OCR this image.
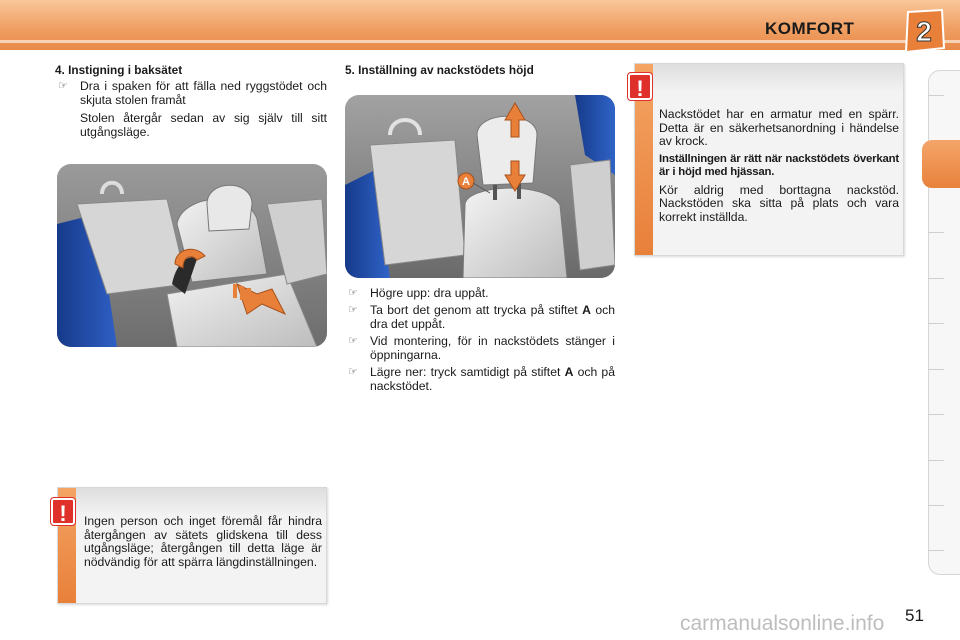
KOMFORT 2
4. Instigning i baksätet
☞ Dra i spaken för att fälla ned ryggstödet och skjuta stolen framåt
Stolen återgår sedan av sig själv till sitt utgångsläge.
5. Inställning av nackstödets höjd
A
☞ Högre upp: dra uppåt.
☞ Ta bort det genom att trycka på stiftet A och dra det uppåt.
☞ Vid montering, för in nackstödets stänger i öppningarna.
☞ Lägre ner: tryck samtidigt på stiftet A och på nackstödet.

Nackstödet har en armatur med en spärr. Detta är en säkerhetsanordning i händelse av krock.

Inställningen är rätt när nackstödets överkant är i höjd med hjässan.

Kör aldrig med borttagna nackstöd. Nackstöden ska sitta på plats och vara korrekt inställda.

!
Ingen person och inget föremål får hindra återgången av sätets glidskena till dess utgångsläge; återgången till detta läge är nödvändig för att spärra längdinställningen.
!
carmanualsonline.info 51
